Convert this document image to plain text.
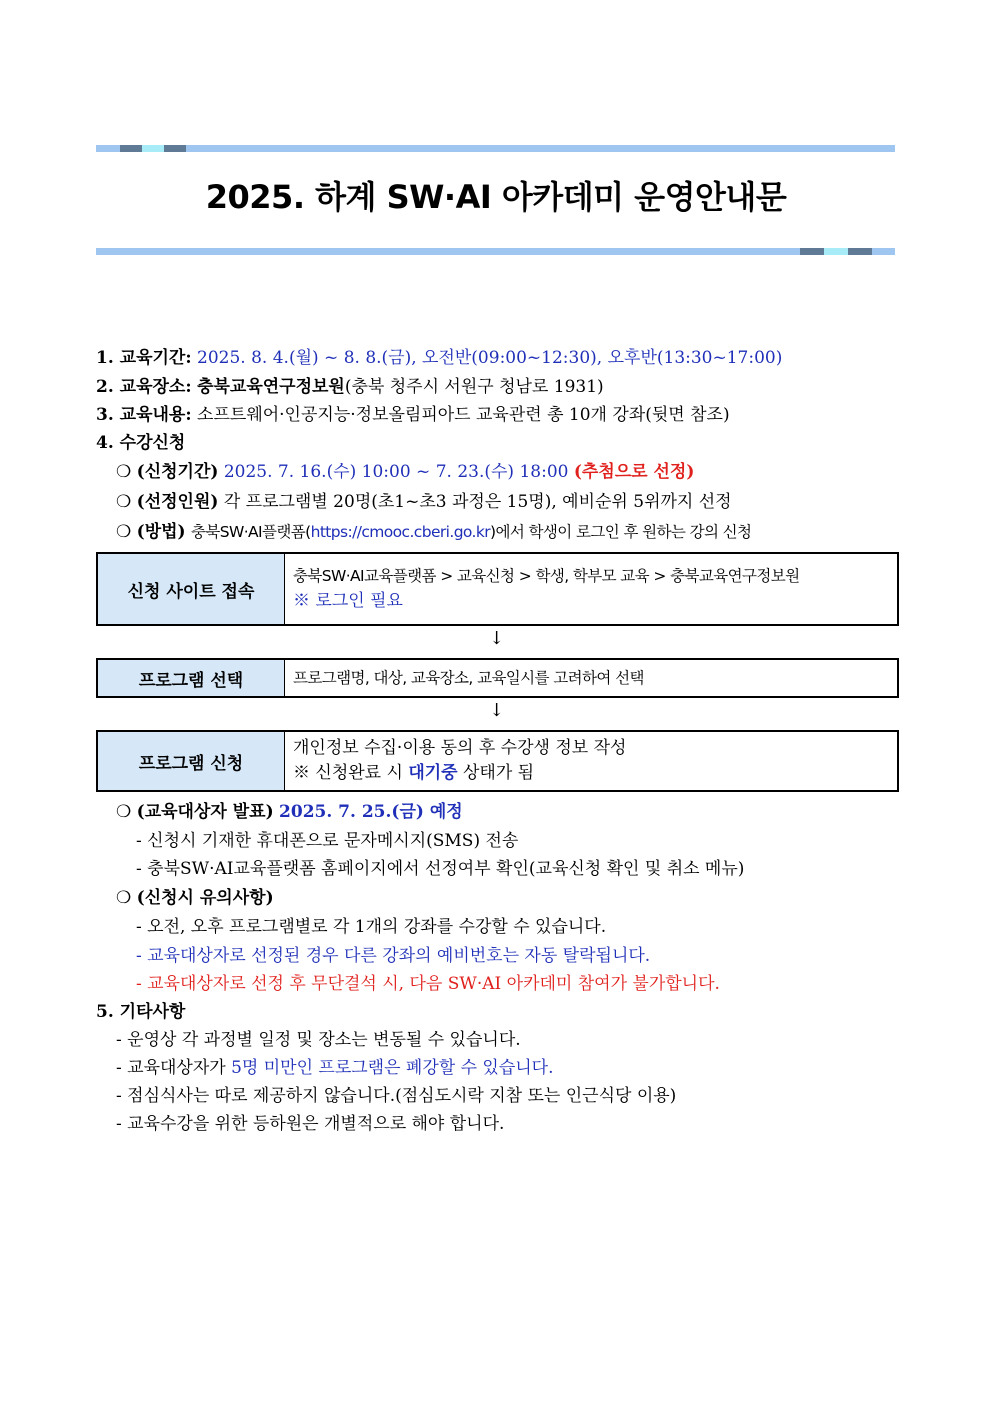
2025. 하계 SW·AI 아카데미 운영안내문
1. 교육기간: 2025. 8. 4.(월) ~ 8. 8.(금), 오전반(09:00~12:30), 오후반(13:30~17:00)
2. 교육장소: 충북교육연구정보원(충북 청주시 서원구 청남로 1931)
3. 교육내용: 소프트웨어·인공지능·정보올림피아드 교육관련 총 10개 강좌(뒷면 참조)
4. 수강신청
❍ (신청기간) 2025. 7. 16.(수) 10:00 ~ 7. 23.(수) 18:00 (추첨으로 선정)
❍ (선정인원) 각 프로그램별 20명(초1~초3 과정은 15명), 예비순위 5위까지 선정
❍ (방법) 충북SW·AI플랫폼(https://cmooc.cberi.go.kr)에서 학생이 로그인 후 원하는 강의 신청
신청 사이트 접속
충북SW·AI교육플랫폼 > 교육신청 > 학생, 학부모 교육 > 충북교육연구정보원
※ 로그인 필요
↓
프로그램 선택	프로그램명, 대상, 교육장소, 교육일시를 고려하여 선택
↓
프로그램 신청
개인정보 수집·이용 동의 후 수강생 정보 작성
※ 신청완료 시 대기중 상태가 됨
❍ (교육대상자 발표) 2025. 7. 25.(금) 예정
- 신청시 기재한 휴대폰으로 문자메시지(SMS) 전송
- 충북SW·AI교육플랫폼 홈페이지에서 선정여부 확인(교육신청 확인 및 취소 메뉴)
❍ (신청시 유의사항)
- 오전, 오후 프로그램별로 각 1개의 강좌를 수강할 수 있습니다.
- 교육대상자로 선정된 경우 다른 강좌의 예비번호는 자동 탈락됩니다.
- 교육대상자로 선정 후 무단결석 시, 다음 SW·AI 아카데미 참여가 불가합니다.
5. 기타사항
- 운영상 각 과정별 일정 및 장소는 변동될 수 있습니다.
- 교육대상자가 5명 미만인 프로그램은 폐강할 수 있습니다.
- 점심식사는 따로 제공하지 않습니다.(점심도시락 지참 또는 인근식당 이용)
- 교육수강을 위한 등하원은 개별적으로 해야 합니다.
